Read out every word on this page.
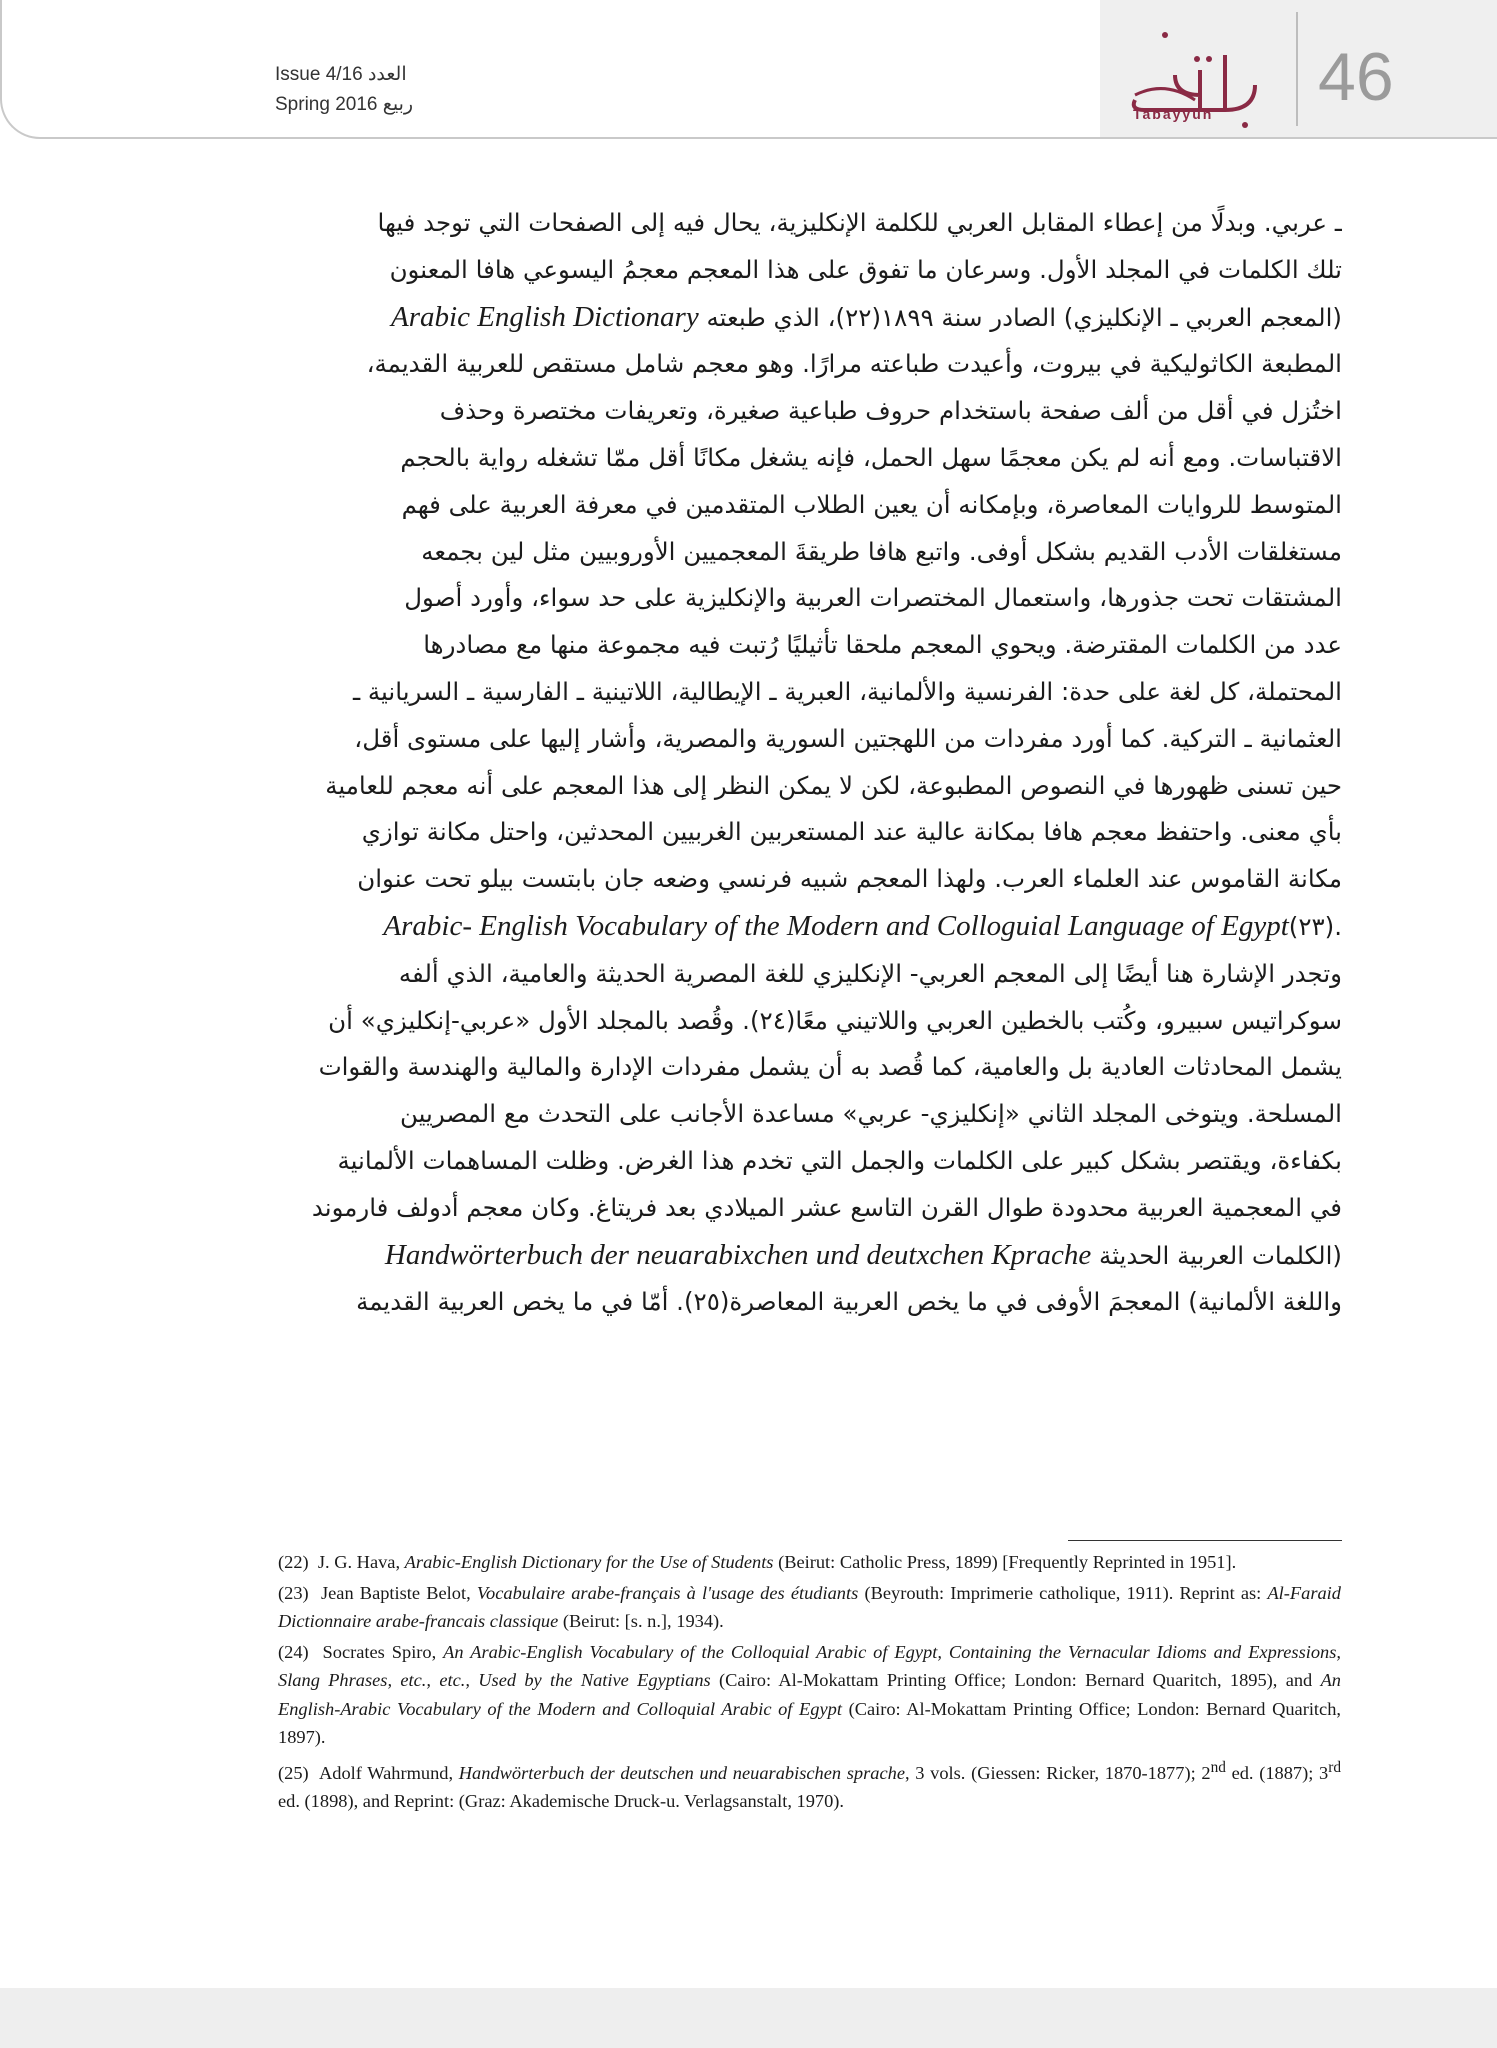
Issue 4/16 العدد
Spring 2016 ربيع	Tabayyun 46
ـ عربي. وبدلًا من إعطاء المقابل العربي للكلمة الإنكليزية، يحال فيه إلى الصفحات التي توجد فيها
تلك الكلمات في المجلد الأول. وسرعان ما تفوق على هذا المعجم معجمُ اليسوعي هافا المعنون
(المعجم العربي ـ الإنكليزي) الصادر سنة ١٨٩٩(٢٢)، الذي طبعته Arabic English Dictionary
المطبعة الكاثوليكية في بيروت، وأعيدت طباعته مرارًا. وهو معجم شامل مستقص للعربية القديمة،
اختُزل في أقل من ألف صفحة باستخدام حروف طباعية صغيرة، وتعريفات مختصرة وحذف
الاقتباسات. ومع أنه لم يكن معجمًا سهل الحمل، فإنه يشغل مكانًا أقل ممّا تشغله رواية بالحجم
المتوسط للروايات المعاصرة، وبإمكانه أن يعين الطلاب المتقدمين في معرفة العربية على فهم
مستغلقات الأدب القديم بشكل أوفى. واتبع هافا طريقةَ المعجميين الأوروبيين مثل لين بجمعه
المشتقات تحت جذورها، واستعمال المختصرات العربية والإنكليزية على حد سواء، وأورد أصول
عدد من الكلمات المقترضة. ويحوي المعجم ملحقا تأثيليًا رُتبت فيه مجموعة منها مع مصادرها
المحتملة، كل لغة على حدة: الفرنسية والألمانية، العبرية ـ الإيطالية، اللاتينية ـ الفارسية ـ السريانية ـ
العثمانية ـ التركية. كما أورد مفردات من اللهجتين السورية والمصرية، وأشار إليها على مستوى أقل،
حين تسنى ظهورها في النصوص المطبوعة، لكن لا يمكن النظر إلى هذا المعجم على أنه معجم للعامية
بأي معنى. واحتفظ معجم هافا بمكانة عالية عند المستعربين الغربيين المحدثين، واحتل مكانة توازي
مكانة القاموس عند العلماء العرب. ولهذا المعجم شبيه فرنسي وضعه جان بابتست بيلو تحت عنوان
.(٢٣)Arabic- English Vocabulary of the Modern and Colloguial Language of Egypt
وتجدر الإشارة هنا أيضًا إلى المعجم العربي- الإنكليزي للغة المصرية الحديثة والعامية، الذي ألفه
سوكراتيس سبيرو، وكُتب بالخطين العربي واللاتيني معًا(٢٤). وقُصد بالمجلد الأول «عربي-إنكليزي» أن
يشمل المحادثات العادية بل والعامية، كما قُصد به أن يشمل مفردات الإدارة والمالية والهندسة والقوات
المسلحة. ويتوخى المجلد الثاني «إنكليزي- عربي» مساعدة الأجانب على التحدث مع المصريين
بكفاءة، ويقتصر بشكل كبير على الكلمات والجمل التي تخدم هذا الغرض. وظلت المساهمات الألمانية
في المعجمية العربية محدودة طوال القرن التاسع عشر الميلادي بعد فريتاغ. وكان معجم أدولف فارموند
(الكلمات العربية الحديثة Handwörterbuch der neuarabixchen und deutxchen Kprache
واللغة الألمانية) المعجمَ الأوفى في ما يخص العربية المعاصرة(٢٥). أمّا في ما يخص العربية القديمة

(22) J. G. Hava, Arabic-English Dictionary for the Use of Students (Beirut: Catholic Press, 1899) [Frequently Reprinted in 1951].

(23) Jean Baptiste Belot, Vocabulaire arabe-français à l'usage des étudiants (Beyrouth: Imprimerie catholique, 1911). Reprint as: Al-Faraid Dictionnaire arabe-francais classique (Beirut: [s. n.], 1934).

(24) Socrates Spiro, An Arabic-English Vocabulary of the Colloquial Arabic of Egypt, Containing the Vernacular Idioms and Expressions, Slang Phrases, etc., etc., Used by the Native Egyptians (Cairo: Al-Mokattam Printing Office; London: Bernard Quaritch, 1895), and An English-Arabic Vocabulary of the Modern and Colloquial Arabic of Egypt (Cairo: Al-Mokattam Printing Office; London: Bernard Quaritch, 1897).

(25) Adolf Wahrmund, Handwörterbuch der deutschen und neuarabischen sprache, 3 vols. (Giessen: Ricker, 1870-1877); 2nd ed. (1887); 3rd ed. (1898), and Reprint: (Graz: Akademische Druck-u. Verlagsanstalt, 1970).
